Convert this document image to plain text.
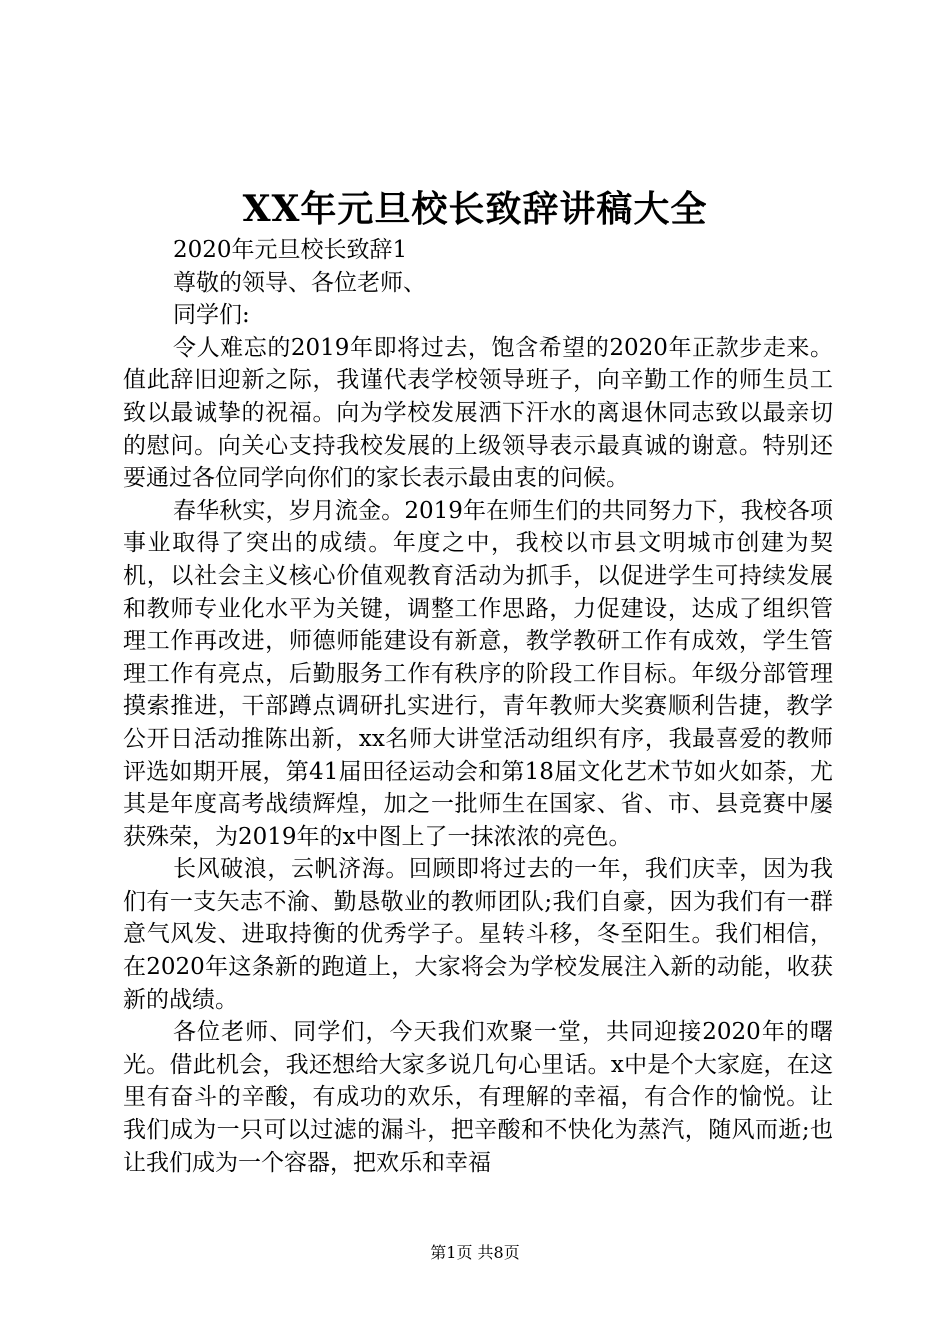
XX年元旦校长致辞讲稿大全

2020年元旦校长致辞1

尊敬的领导、各位老师、

同学们:

令人难忘的2019年即将过去，饱含希望的2020年正款步走来。值此辞旧迎新之际，我谨代表学校领导班子，向辛勤工作的师生员工致以最诚挚的祝福。向为学校发展洒下汗水的离退休同志致以最亲切的慰问。向关心支持我校发展的上级领导表示最真诚的谢意。特别还要通过各位同学向你们的家长表示最由衷的问候。

春华秋实，岁月流金。2019年在师生们的共同努力下，我校各项事业取得了突出的成绩。年度之中，我校以市县文明城市创建为契机，以社会主义核心价值观教育活动为抓手，以促进学生可持续发展和教师专业化水平为关键，调整工作思路，力促建设，达成了组织管理工作再改进，师德师能建设有新意，教学教研工作有成效，学生管理工作有亮点，后勤服务工作有秩序的阶段工作目标。年级分部管理摸索推进，干部蹲点调研扎实进行，青年教师大奖赛顺利告捷，教学公开日活动推陈出新，xx名师大讲堂活动组织有序，我最喜爱的教师评选如期开展，第41届田径运动会和第18届文化艺术节如火如荼，尤其是年度高考战绩辉煌，加之一批师生在国家、省、市、县竞赛中屡获殊荣，为2019年的x中图上了一抹浓浓的亮色。

长风破浪，云帆济海。回顾即将过去的一年，我们庆幸，因为我们有一支矢志不渝、勤恳敬业的教师团队;我们自豪，因为我们有一群意气风发、进取持衡的优秀学子。星转斗移，冬至阳生。我们相信，在2020年这条新的跑道上，大家将会为学校发展注入新的动能，收获新的战绩。

各位老师、同学们，今天我们欢聚一堂，共同迎接2020年的曙光。借此机会，我还想给大家多说几句心里话。x中是个大家庭，在这里有奋斗的辛酸，有成功的欢乐，有理解的幸福，有合作的愉悦。让我们成为一只可以过滤的漏斗，把辛酸和不快化为蒸汽，随风而逝;也让我们成为一个容器，把欢乐和幸福

第1页 共8页
